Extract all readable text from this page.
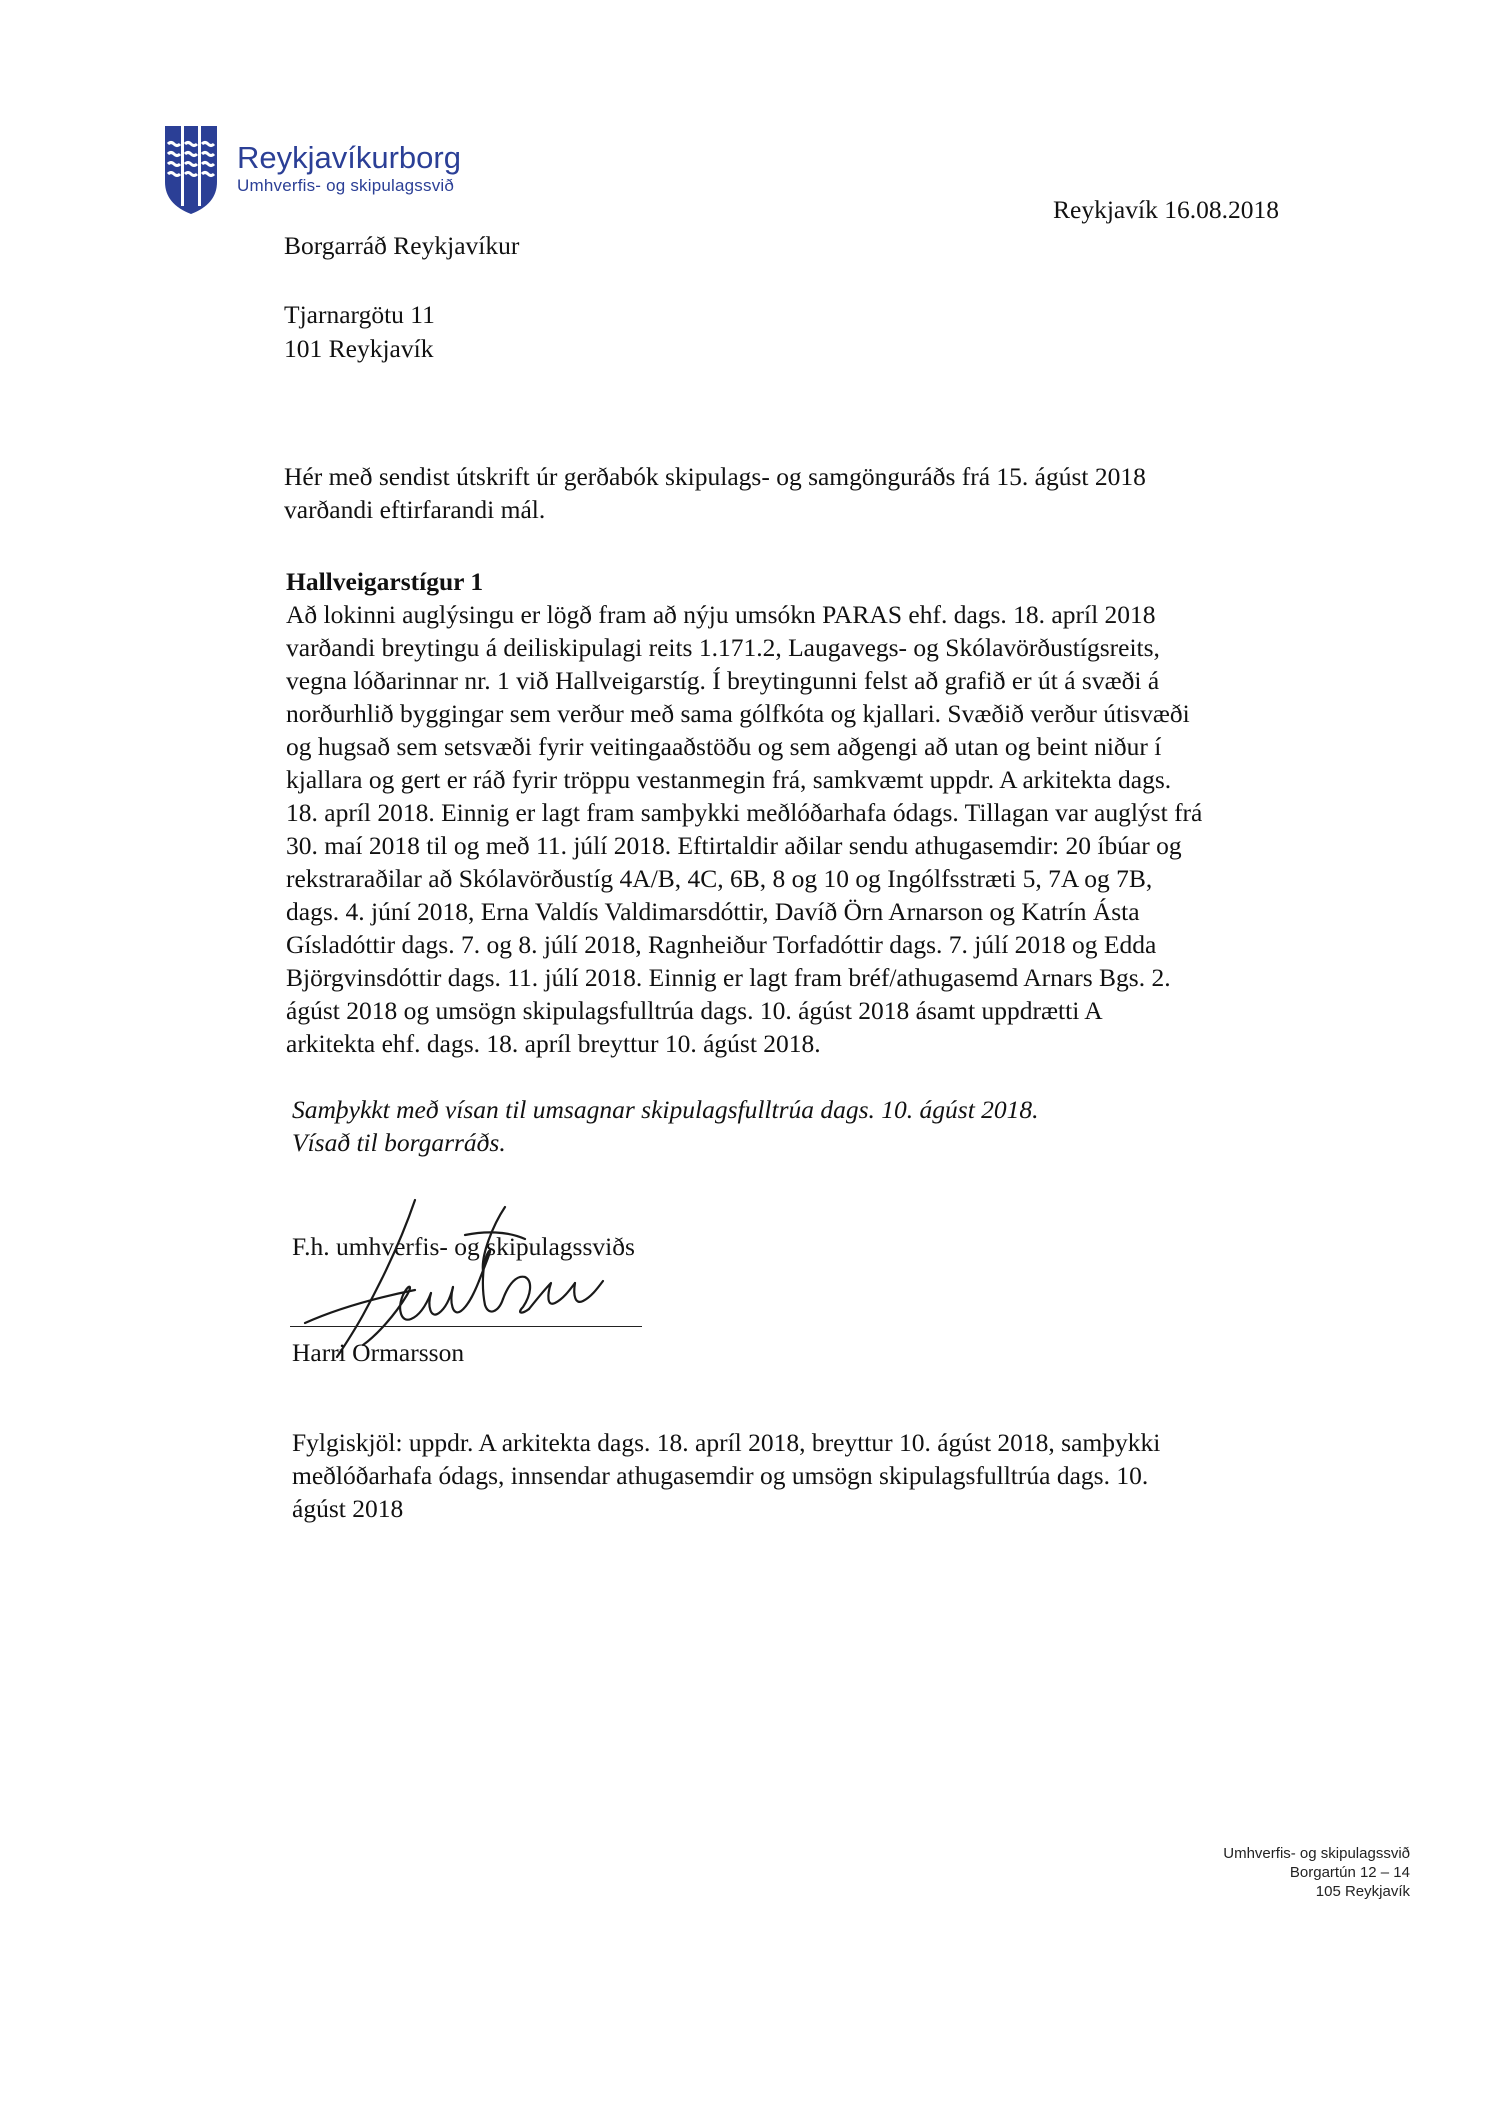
Reykjavíkurborg
Umhverfis- og skipulagssvið
Reykjavík 16.08.2018
Borgarráð Reykjavíkur
Tjarnargötu 11
101 Reykjavík
Hér með sendist útskrift úr gerðabók skipulags- og samgönguráðs frá 15. ágúst 2018
varðandi eftirfarandi mál.
Hallveigarstígur 1
Að lokinni auglýsingu er lögð fram að nýju umsókn PARAS ehf. dags. 18. apríl 2018
varðandi breytingu á deiliskipulagi reits 1.171.2, Laugavegs- og Skólavörðustígsreits,
vegna lóðarinnar nr. 1 við Hallveigarstíg. Í breytingunni felst að grafið er út á svæði á
norðurhlið byggingar sem verður með sama gólfkóta og kjallari. Svæðið verður útisvæði
og hugsað sem setsvæði fyrir veitingaaðstöðu og sem aðgengi að utan og beint niður í
kjallara og gert er ráð fyrir tröppu vestanmegin frá, samkvæmt uppdr. A arkitekta dags.
18. apríl 2018. Einnig er lagt fram samþykki meðlóðarhafa ódags. Tillagan var auglýst frá
30. maí 2018 til og með 11. júlí 2018. Eftirtaldir aðilar sendu athugasemdir: 20 íbúar og
rekstraraðilar að Skólavörðustíg 4A/B, 4C, 6B, 8 og 10 og Ingólfsstræti 5, 7A og 7B,
dags. 4. júní 2018, Erna Valdís Valdimarsdóttir, Davíð Örn Arnarson og Katrín Ásta
Gísladóttir dags. 7. og 8. júlí 2018, Ragnheiður Torfadóttir dags. 7. júlí 2018 og Edda
Björgvinsdóttir dags. 11. júlí 2018. Einnig er lagt fram bréf/athugasemd Arnars Bgs. 2.
ágúst 2018 og umsögn skipulagsfulltrúa dags. 10. ágúst 2018 ásamt uppdrætti A
arkitekta ehf. dags. 18. apríl breyttur 10. ágúst 2018.
Samþykkt með vísan til umsagnar skipulagsfulltrúa dags. 10. ágúst 2018.
Vísað til borgarráðs.
F.h. umhverfis- og skipulagssviðs
Harri Ormarsson
Fylgiskjöl: uppdr. A arkitekta dags. 18. apríl 2018, breyttur 10. ágúst 2018, samþykki
meðlóðarhafa ódags, innsendar athugasemdir og umsögn skipulagsfulltrúa dags. 10.
ágúst 2018
Umhverfis- og skipulagssvið
Borgartún 12 – 14
105 Reykjavík
